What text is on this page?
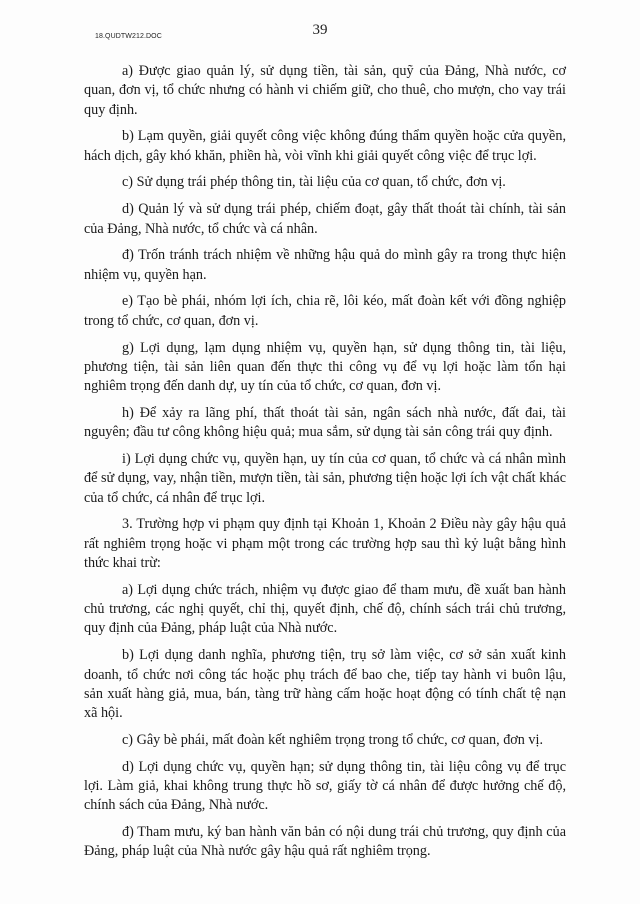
18.QUDTW212.DOC	39

a) Được giao quản lý, sử dụng tiền, tài sản, quỹ của Đảng, Nhà nước, cơ quan, đơn vị, tổ chức nhưng có hành vi chiếm giữ, cho thuê, cho mượn, cho vay trái quy định.

b) Lạm quyền, giải quyết công việc không đúng thẩm quyền hoặc cửa quyền, hách dịch, gây khó khăn, phiền hà, vòi vĩnh khi giải quyết công việc để trục lợi.

c) Sử dụng trái phép thông tin, tài liệu của cơ quan, tổ chức, đơn vị.

d) Quản lý và sử dụng trái phép, chiếm đoạt, gây thất thoát tài chính, tài sản của Đảng, Nhà nước, tổ chức và cá nhân.

đ) Trốn tránh trách nhiệm về những hậu quả do mình gây ra trong thực hiện nhiệm vụ, quyền hạn.

e) Tạo bè phái, nhóm lợi ích, chia rẽ, lôi kéo, mất đoàn kết với đồng nghiệp trong tổ chức, cơ quan, đơn vị.

g) Lợi dụng, lạm dụng nhiệm vụ, quyền hạn, sử dụng thông tin, tài liệu, phương tiện, tài sản liên quan đến thực thi công vụ để vụ lợi hoặc làm tổn hại nghiêm trọng đến danh dự, uy tín của tổ chức, cơ quan, đơn vị.

h) Để xảy ra lãng phí, thất thoát tài sản, ngân sách nhà nước, đất đai, tài nguyên; đầu tư công không hiệu quả; mua sắm, sử dụng tài sản công trái quy định.

i) Lợi dụng chức vụ, quyền hạn, uy tín của cơ quan, tổ chức và cá nhân mình để sử dụng, vay, nhận tiền, mượn tiền, tài sản, phương tiện hoặc lợi ích vật chất khác của tổ chức, cá nhân để trục lợi.

3. Trường hợp vi phạm quy định tại Khoản 1, Khoản 2 Điều này gây hậu quả rất nghiêm trọng hoặc vi phạm một trong các trường hợp sau thì kỷ luật bằng hình thức khai trừ:

a) Lợi dụng chức trách, nhiệm vụ được giao để tham mưu, đề xuất ban hành chủ trương, các nghị quyết, chỉ thị, quyết định, chế độ, chính sách trái chủ trương, quy định của Đảng, pháp luật của Nhà nước.

b) Lợi dụng danh nghĩa, phương tiện, trụ sở làm việc, cơ sở sản xuất kinh doanh, tổ chức nơi công tác hoặc phụ trách để bao che, tiếp tay hành vi buôn lậu, sản xuất hàng giả, mua, bán, tàng trữ hàng cấm hoặc hoạt động có tính chất tệ nạn xã hội.

c) Gây bè phái, mất đoàn kết nghiêm trọng trong tổ chức, cơ quan, đơn vị.

d) Lợi dụng chức vụ, quyền hạn; sử dụng thông tin, tài liệu công vụ để trục lợi. Làm giả, khai không trung thực hồ sơ, giấy tờ cá nhân để được hưởng chế độ, chính sách của Đảng, Nhà nước.

đ) Tham mưu, ký ban hành văn bản có nội dung trái chủ trương, quy định của Đảng, pháp luật của Nhà nước gây hậu quả rất nghiêm trọng.
